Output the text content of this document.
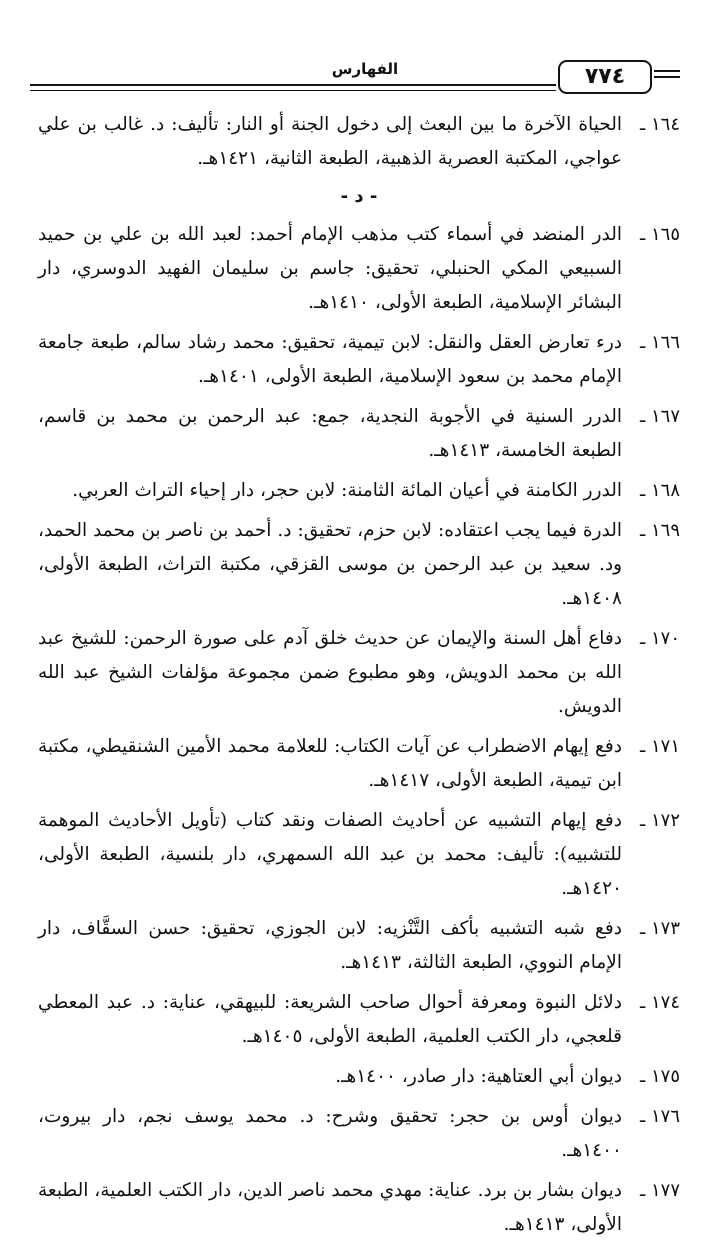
٧٧٤
الفهارس
١٦٤ ـ
الحياة الآخرة ما بين البعث إلى دخول الجنة أو النار: تأليف: د. غالب بن علي عواجي، المكتبة العصرية الذهبية، الطبعة الثانية، ١٤٢١هـ.
- د -
١٦٥ ـ
الدر المنضد في أسماء كتب مذهب الإمام أحمد: لعبد الله بن علي بن حميد السبيعي المكي الحنبلي، تحقيق: جاسم بن سليمان الفهيد الدوسري، دار البشائر الإسلامية، الطبعة الأولى، ١٤١٠هـ.
١٦٦ ـ
درء تعارض العقل والنقل: لابن تيمية، تحقيق: محمد رشاد سالم، طبعة جامعة الإمام محمد بن سعود الإسلامية، الطبعة الأولى، ١٤٠١هـ.
١٦٧ ـ
الدرر السنية في الأجوبة النجدية، جمع: عبد الرحمن بن محمد بن قاسم، الطبعة الخامسة، ١٤١٣هـ.
١٦٨ ـ
الدرر الكامنة في أعيان المائة الثامنة: لابن حجر، دار إحياء التراث العربي.
١٦٩ ـ
الدرة فيما يجب اعتقاده: لابن حزم، تحقيق: د. أحمد بن ناصر بن محمد الحمد، ود. سعيد بن عبد الرحمن بن موسى القزقي، مكتبة التراث، الطبعة الأولى، ١٤٠٨هـ.
١٧٠ ـ
دفاع أهل السنة والإيمان عن حديث خلق آدم على صورة الرحمن: للشيخ عبد الله بن محمد الدويش، وهو مطبوع ضمن مجموعة مؤلفات الشيخ عبد الله الدويش.
١٧١ ـ
دفع إيهام الاضطراب عن آيات الكتاب: للعلامة محمد الأمين الشنقيطي، مكتبة ابن تيمية، الطبعة الأولى، ١٤١٧هـ.
١٧٢ ـ
دفع إيهام التشبيه عن أحاديث الصفات ونقد كتاب (تأويل الأحاديث الموهمة للتشبيه): تأليف: محمد بن عبد الله السمهري، دار بلنسية، الطبعة الأولى، ١٤٢٠هـ.
١٧٣ ـ
دفع شبه التشبيه بأكف التَّنْزيه: لابن الجوزي، تحقيق: حسن السقَّاف، دار الإمام النووي، الطبعة الثالثة، ١٤١٣هـ.
١٧٤ ـ
دلائل النبوة ومعرفة أحوال صاحب الشريعة: للبيهقي، عناية: د. عبد المعطي قلعجي، دار الكتب العلمية، الطبعة الأولى، ١٤٠٥هـ.
١٧٥ ـ
ديوان أبي العتاهية: دار صادر، ١٤٠٠هـ.
١٧٦ ـ
ديوان أوس بن حجر: تحقيق وشرح: د. محمد يوسف نجم، دار بيروت، ١٤٠٠هـ.
١٧٧ ـ
ديوان بشار بن برد. عناية: مهدي محمد ناصر الدين، دار الكتب العلمية، الطبعة الأولى، ١٤١٣هـ.
